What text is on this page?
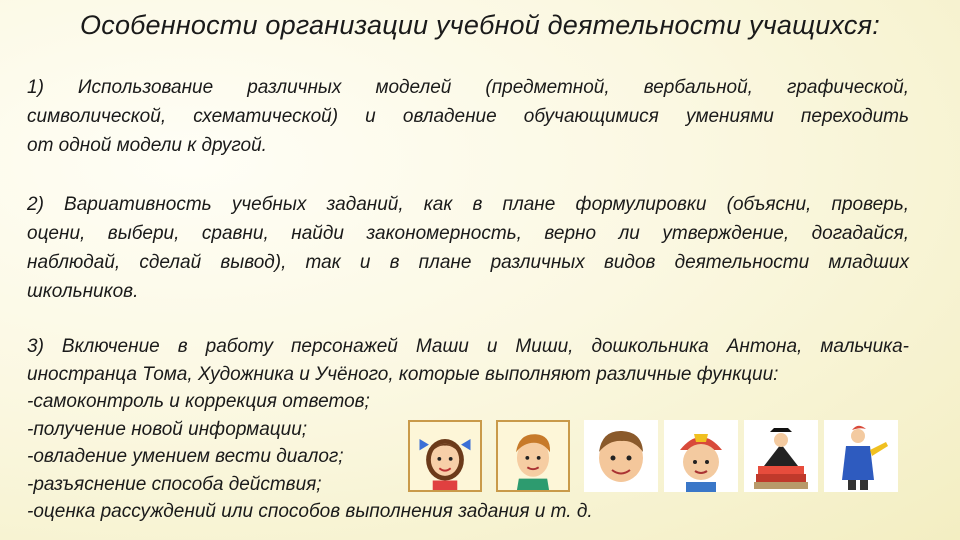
Особенности организации учебной деятельности учащихся:
1) Использование различных моделей (предметной, вербальной, графической,
символической, схематической) и овладение обучающимися умениями переходить
от одной модели к другой.
2) Вариативность учебных заданий, как в плане формулировки (объясни, проверь,
оцени, выбери, сравни, найди закономерность, верно ли утверждение, догадайся,
наблюдай, сделай вывод), так и в плане различных видов деятельности младших
школьников.
3) Включение в работу персонажей Маши и Миши, дошкольника Антона, мальчика-
иностранца Тома, Художника и Учёного, которые выполняют различные функции:
-самоконтроль и коррекция ответов;
-получение новой информации;
-овладение умением вести диалог;
-разъяснение способа действия;
-оценка рассуждений или способов выполнения задания и т. д.
